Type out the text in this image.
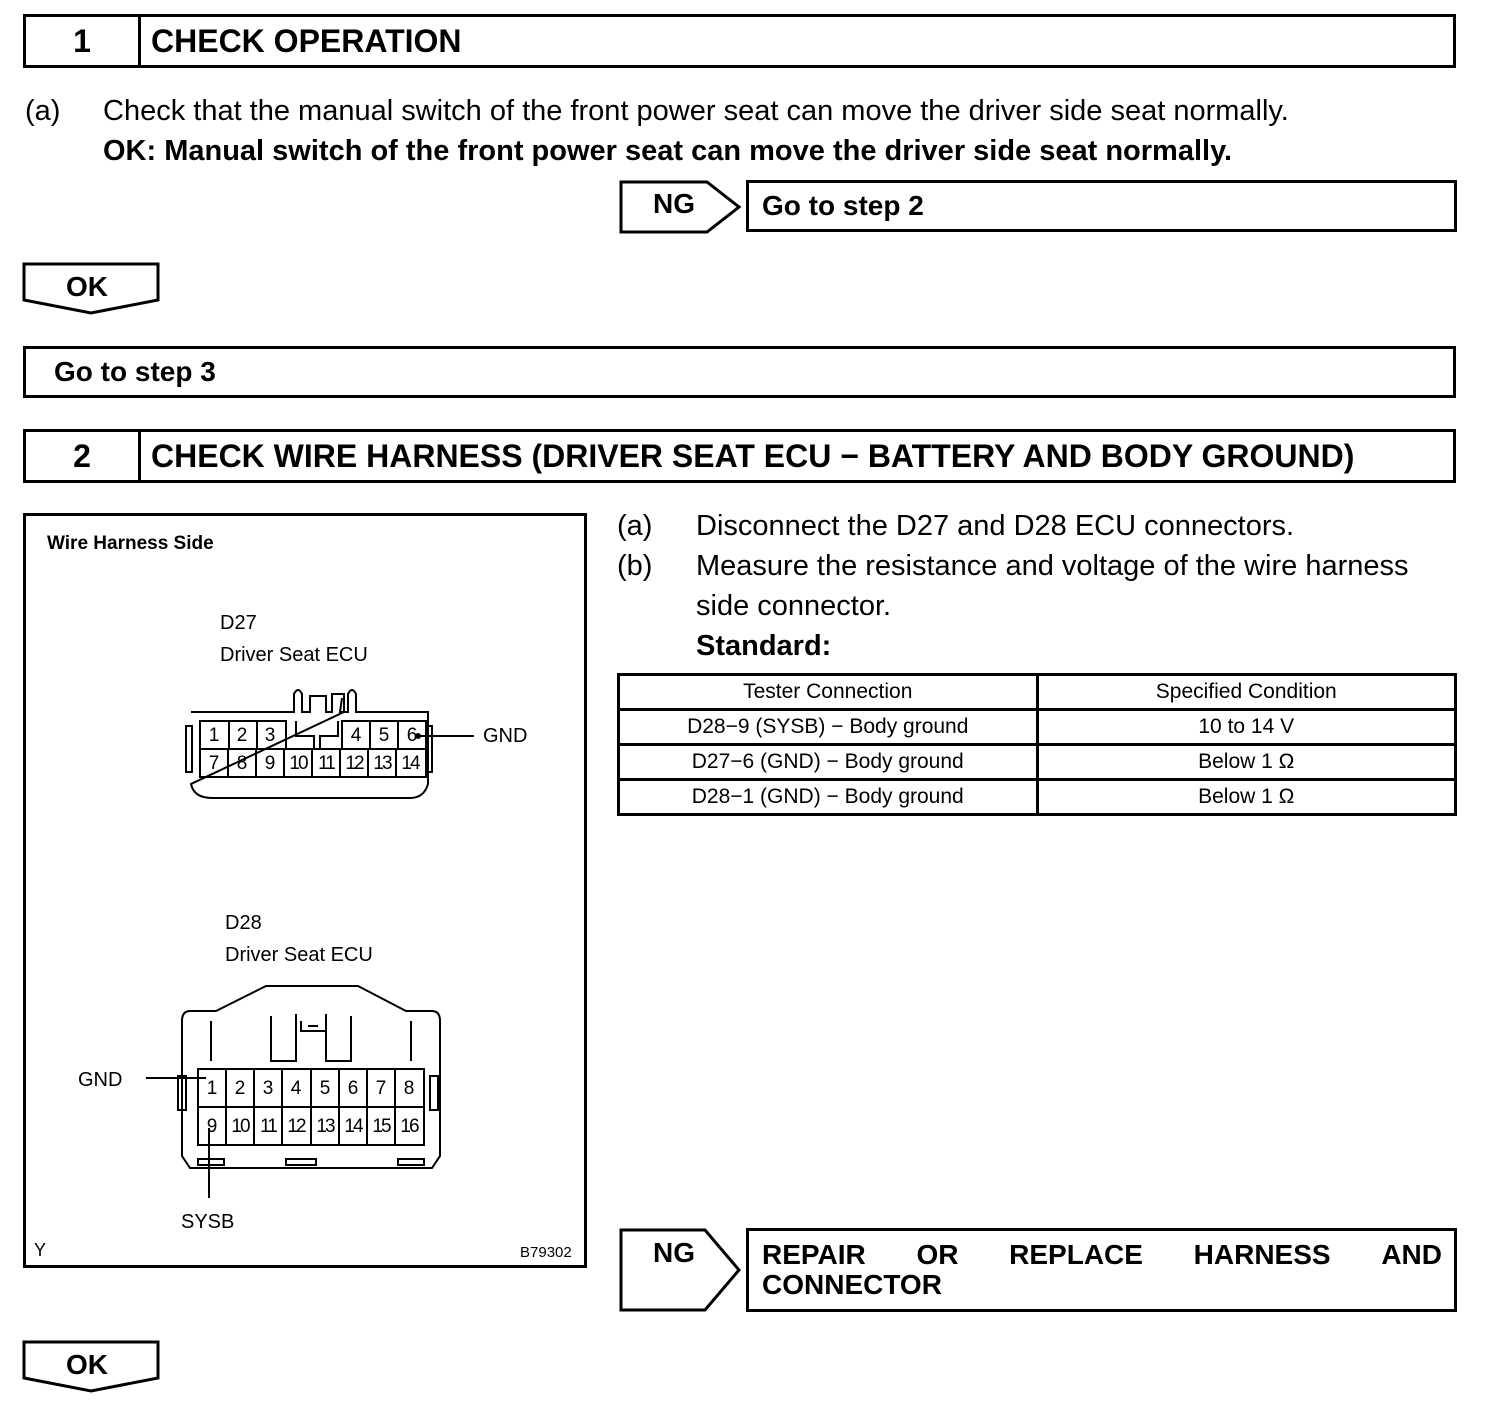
1	CHECK OPERATION
(a) Check that the manual switch of the front power seat can move the driver side seat normally.
OK: Manual switch of the front power seat can move the driver side seat normally.
NG Go to step 2
OK
Go to step 3
2	CHECK WIRE HARNESS (DRIVER SEAT ECU − BATTERY AND BODY GROUND)
Wire Harness Side
D27
Driver Seat ECU
D28
Driver Seat ECU
GND
GND
SYSB
Y	B79302
1 2 3	4 5 6
7 8 9 10 11 12 13 14
1 2 3 4 5 6 7 8
9 10 11 12 13 14 15 16
(a) Disconnect the D27 and D28 ECU connectors.
(b) Measure the resistance and voltage of the wire harness
side connector.
Standard:
Tester Connection	Specified Condition
D28−9 (SYSB) − Body ground	10 to 14 V
D27−6 (GND) − Body ground	Below 1 Ω
D28−1 (GND) − Body ground	Below 1 Ω
NG REPAIR OR REPLACE HARNESS AND
CONNECTOR
OK
